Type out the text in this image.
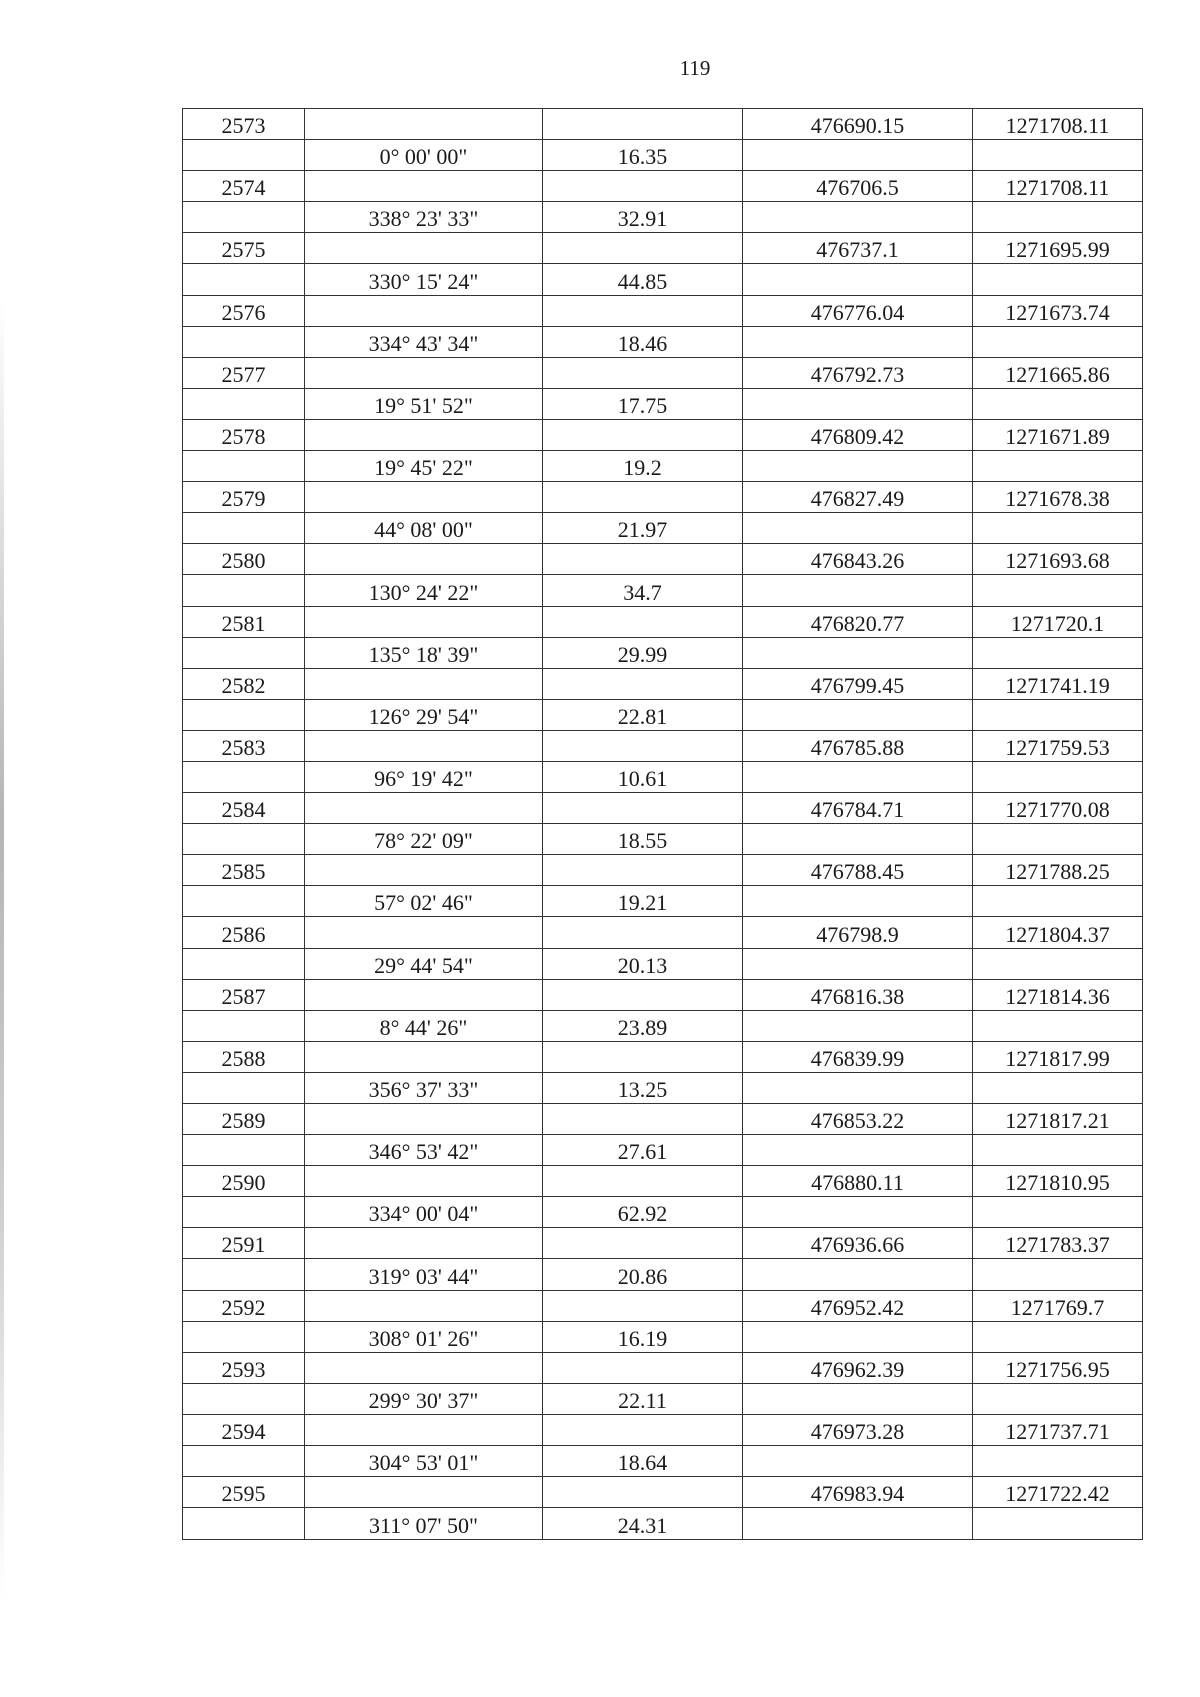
119
2573			476690.15	1271708.11
	0° 00' 00"	16.35		
2574			476706.5	1271708.11
	338° 23' 33"	32.91		
2575			476737.1	1271695.99
	330° 15' 24"	44.85		
2576			476776.04	1271673.74
	334° 43' 34"	18.46		
2577			476792.73	1271665.86
	19° 51' 52"	17.75		
2578			476809.42	1271671.89
	19° 45' 22"	19.2		
2579			476827.49	1271678.38
	44° 08' 00"	21.97		
2580			476843.26	1271693.68
	130° 24' 22"	34.7		
2581			476820.77	1271720.1
	135° 18' 39"	29.99		
2582			476799.45	1271741.19
	126° 29' 54"	22.81		
2583			476785.88	1271759.53
	96° 19' 42"	10.61		
2584			476784.71	1271770.08
	78° 22' 09"	18.55		
2585			476788.45	1271788.25
	57° 02' 46"	19.21		
2586			476798.9	1271804.37
	29° 44' 54"	20.13		
2587			476816.38	1271814.36
	8° 44' 26"	23.89		
2588			476839.99	1271817.99
	356° 37' 33"	13.25		
2589			476853.22	1271817.21
	346° 53' 42"	27.61		
2590			476880.11	1271810.95
	334° 00' 04"	62.92		
2591			476936.66	1271783.37
	319° 03' 44"	20.86		
2592			476952.42	1271769.7
	308° 01' 26"	16.19		
2593			476962.39	1271756.95
	299° 30' 37"	22.11		
2594			476973.28	1271737.71
	304° 53' 01"	18.64		
2595			476983.94	1271722.42
	311° 07' 50"	24.31		
